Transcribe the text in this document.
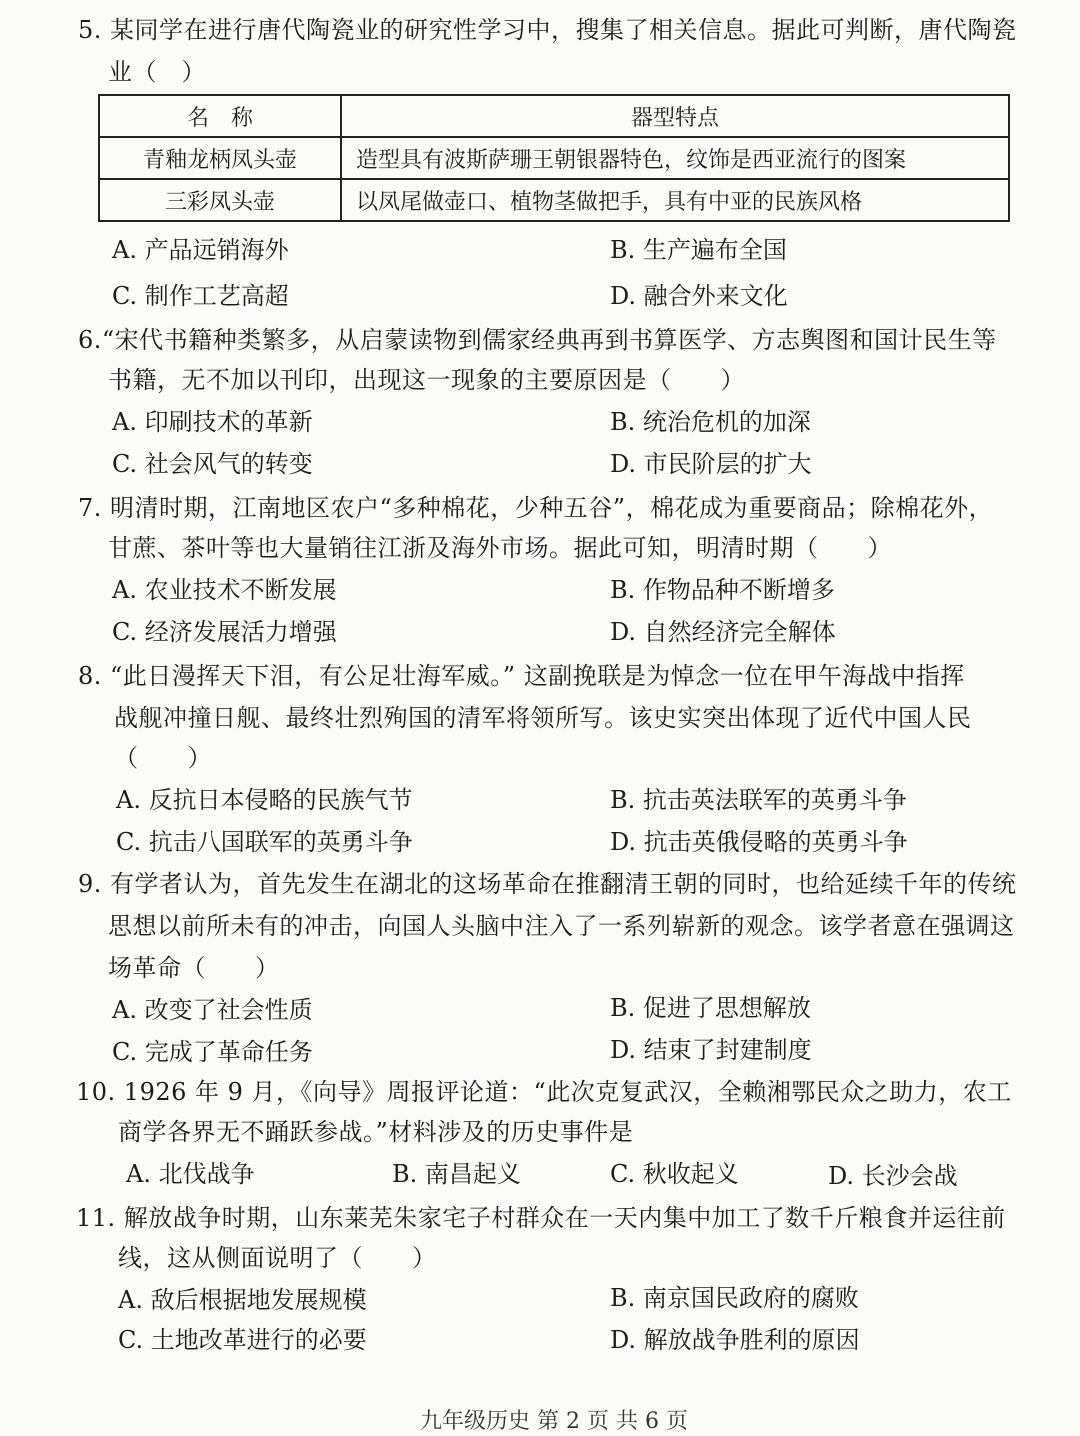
5. 某同学在进行唐代陶瓷业的研究性学习中，搜集了相关信息。据此可判断，唐代陶瓷
业（　）
名　称	器型特点
青釉龙柄凤头壶	造型具有波斯萨珊王朝银器特色，纹饰是西亚流行的图案
三彩凤头壶	以凤尾做壶口、植物茎做把手，具有中亚的民族风格
A. 产品远销海外	B. 生产遍布全国
C. 制作工艺高超	D. 融合外来文化
6.“宋代书籍种类繁多，从启蒙读物到儒家经典再到书算医学、方志舆图和国计民生等
书籍，无不加以刊印，出现这一现象的主要原因是（　　）
A. 印刷技术的革新	B. 统治危机的加深
C. 社会风气的转变	D. 市民阶层的扩大
7. 明清时期，江南地区农户“多种棉花，少种五谷”，棉花成为重要商品；除棉花外，
甘蔗、茶叶等也大量销往江浙及海外市场。据此可知，明清时期（　　）
A. 农业技术不断发展	B. 作物品种不断增多
C. 经济发展活力增强	D. 自然经济完全解体
8. “此日漫挥天下泪，有公足壮海军威。” 这副挽联是为悼念一位在甲午海战中指挥
战舰冲撞日舰、最终壮烈殉国的清军将领所写。该史实突出体现了近代中国人民
（　　）
A. 反抗日本侵略的民族气节	B. 抗击英法联军的英勇斗争
C. 抗击八国联军的英勇斗争	D. 抗击英俄侵略的英勇斗争
9. 有学者认为，首先发生在湖北的这场革命在推翻清王朝的同时，也给延续千年的传统
思想以前所未有的冲击，向国人头脑中注入了一系列崭新的观念。该学者意在强调这
场革命（　　）
A. 改变了社会性质	B. 促进了思想解放
C. 完成了革命任务	D. 结束了封建制度
10. 1926 年 9 月，《向导》周报评论道：“此次克复武汉，全赖湘鄂民众之助力，农工
商学各界无不踊跃参战。”材料涉及的历史事件是
A. 北伐战争	B. 南昌起义	C. 秋收起义	D. 长沙会战
11. 解放战争时期，山东莱芜朱家宅子村群众在一天内集中加工了数千斤粮食并运往前
线，这从侧面说明了（　　）
A. 敌后根据地发展规模	B. 南京国民政府的腐败
C. 土地改革进行的必要	D. 解放战争胜利的原因
九年级历史 第 2 页 共 6 页
